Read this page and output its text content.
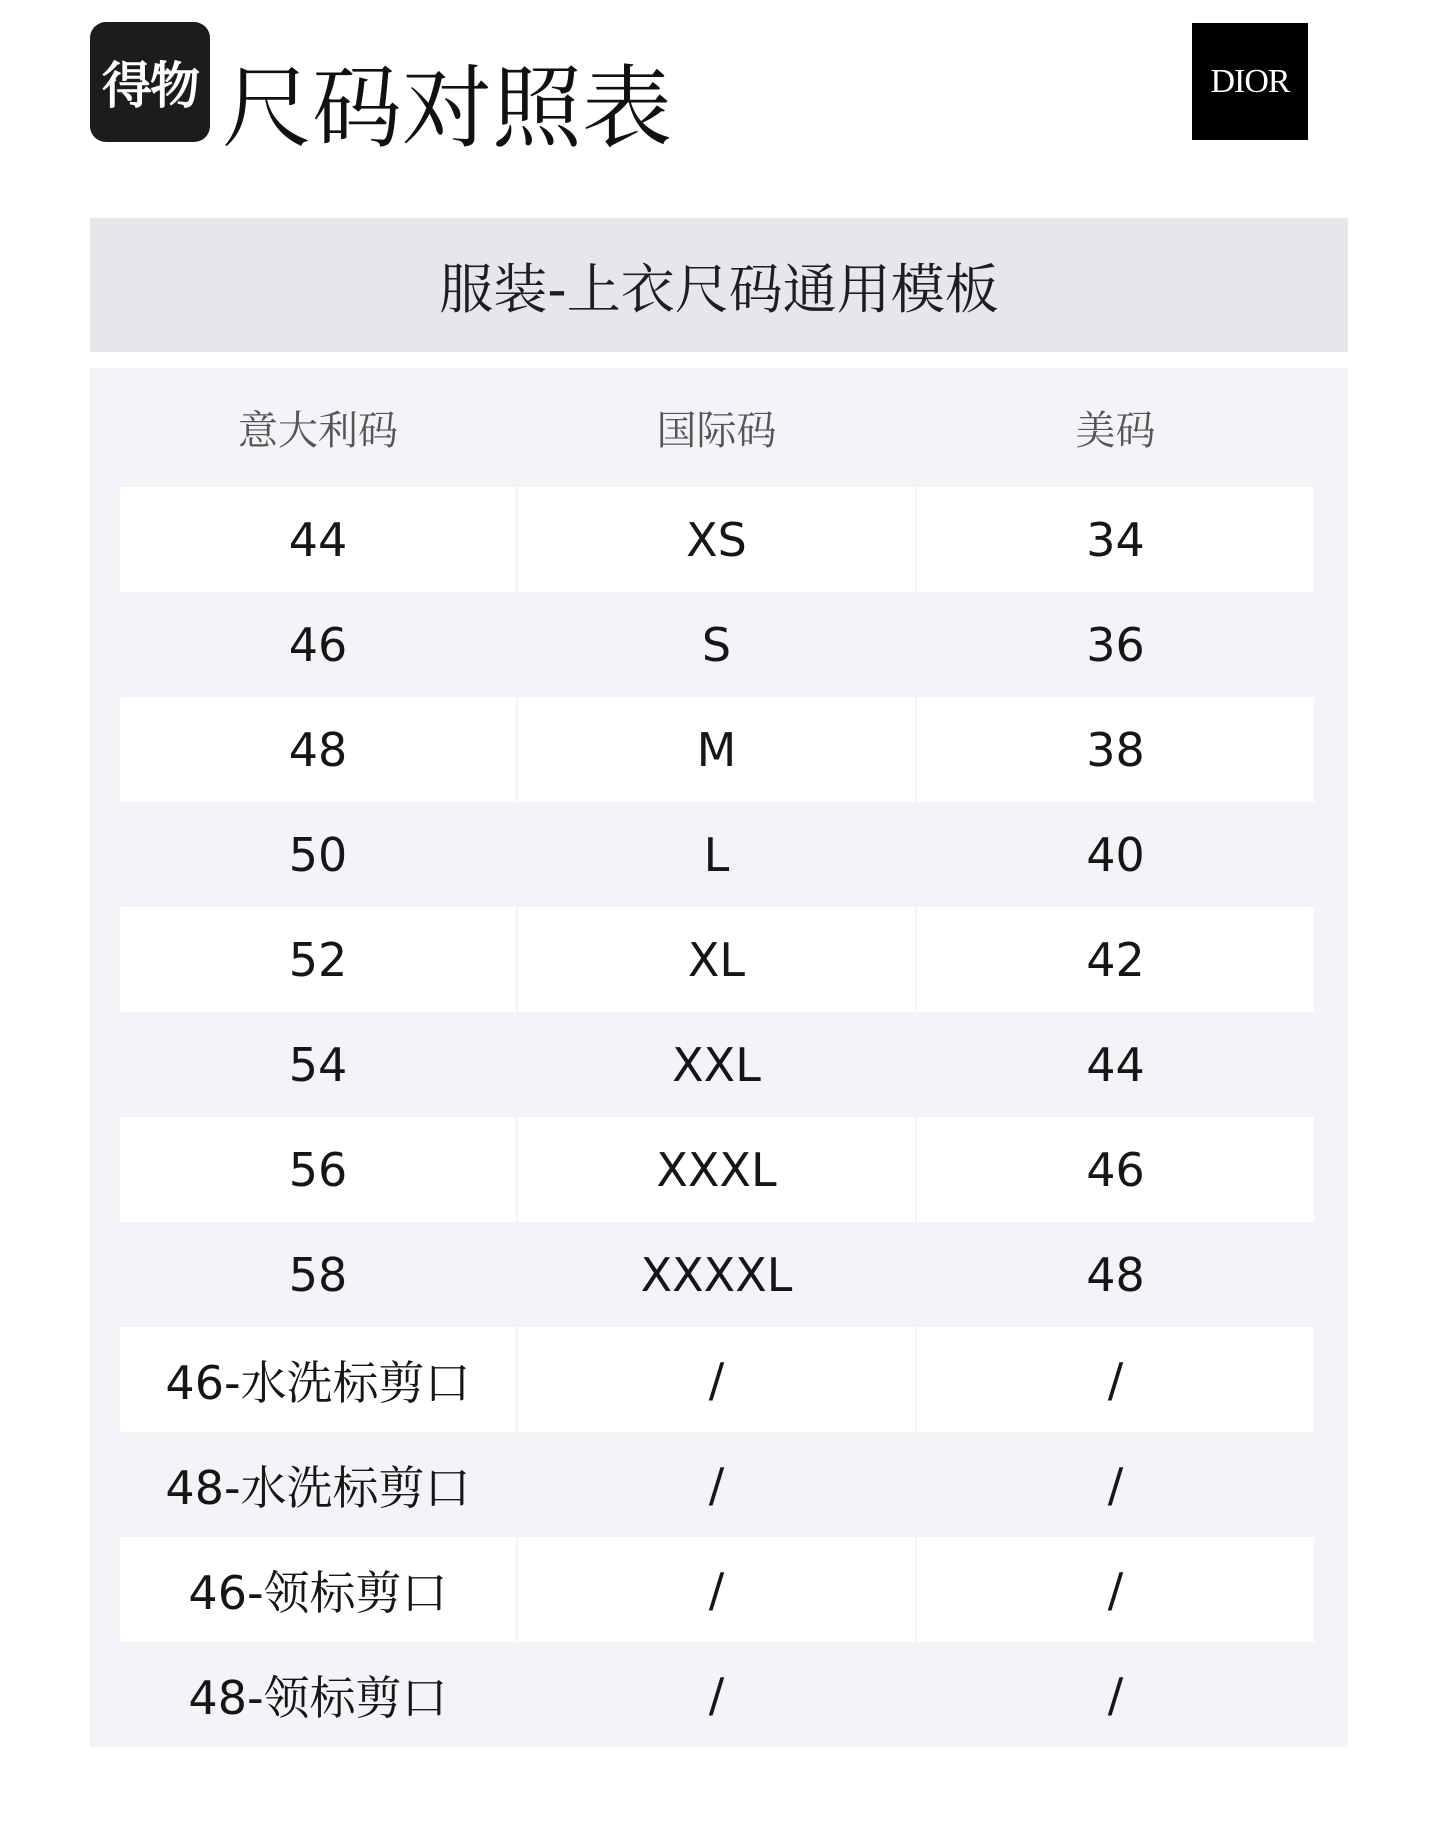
得物 尺码对照表	DIOR
服装-上衣尺码通用模板
意大利码	国际码	美码
44	XS	34
46	S	36
48	M	38
50	L	40
52	XL	42
54	XXL	44
56	XXXL	46
58	XXXXL	48
46-水洗标剪口	/	/
48-水洗标剪口	/	/
46-领标剪口	/	/
48-领标剪口	/	/
